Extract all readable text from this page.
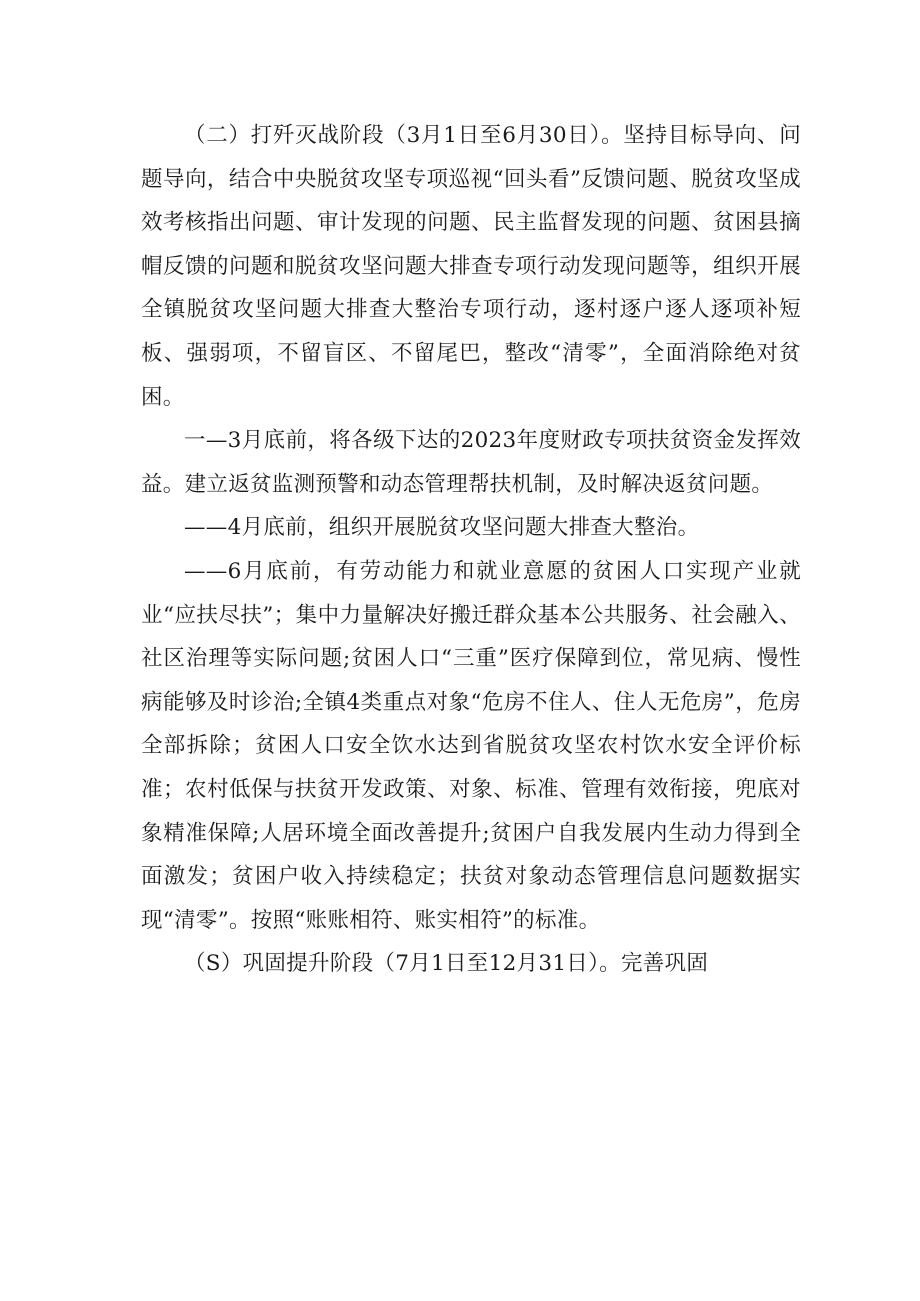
（二）打歼灭战阶段（3月1日至6月30日）。坚持目标导向、问题导向，结合中央脱贫攻坚专项巡视“回头看”反馈问题、脱贫攻坚成效考核指出问题、审计发现的问题、民主监督发现的问题、贫困县摘帽反馈的问题和脱贫攻坚问题大排查专项行动发现问题等，组织开展全镇脱贫攻坚问题大排查大整治专项行动，逐村逐户逐人逐项补短板、强弱项，不留盲区、不留尾巴，整改“清零”，全面消除绝对贫困。

一—3月底前，将各级下达的2023年度财政专项扶贫资金发挥效益。建立返贫监测预警和动态管理帮扶机制，及时解决返贫问题。

——4月底前，组织开展脱贫攻坚问题大排查大整治。

——6月底前，有劳动能力和就业意愿的贫困人口实现产业就业“应扶尽扶”；集中力量解决好搬迁群众基本公共服务、社会融入、社区治理等实际问题;贫困人口“三重”医疗保障到位，常见病、慢性病能够及时诊治;全镇4类重点对象“危房不住人、住人无危房”，危房全部拆除；贫困人口安全饮水达到省脱贫攻坚农村饮水安全评价标准；农村低保与扶贫开发政策、对象、标准、管理有效衔接，兜底对象精准保障;人居环境全面改善提升;贫困户自我发展内生动力得到全面激发；贫困户收入持续稳定；扶贫对象动态管理信息问题数据实现“清零”。按照“账账相符、账实相符”的标准。

（S）巩固提升阶段（7月1日至12月31日）。完善巩固
